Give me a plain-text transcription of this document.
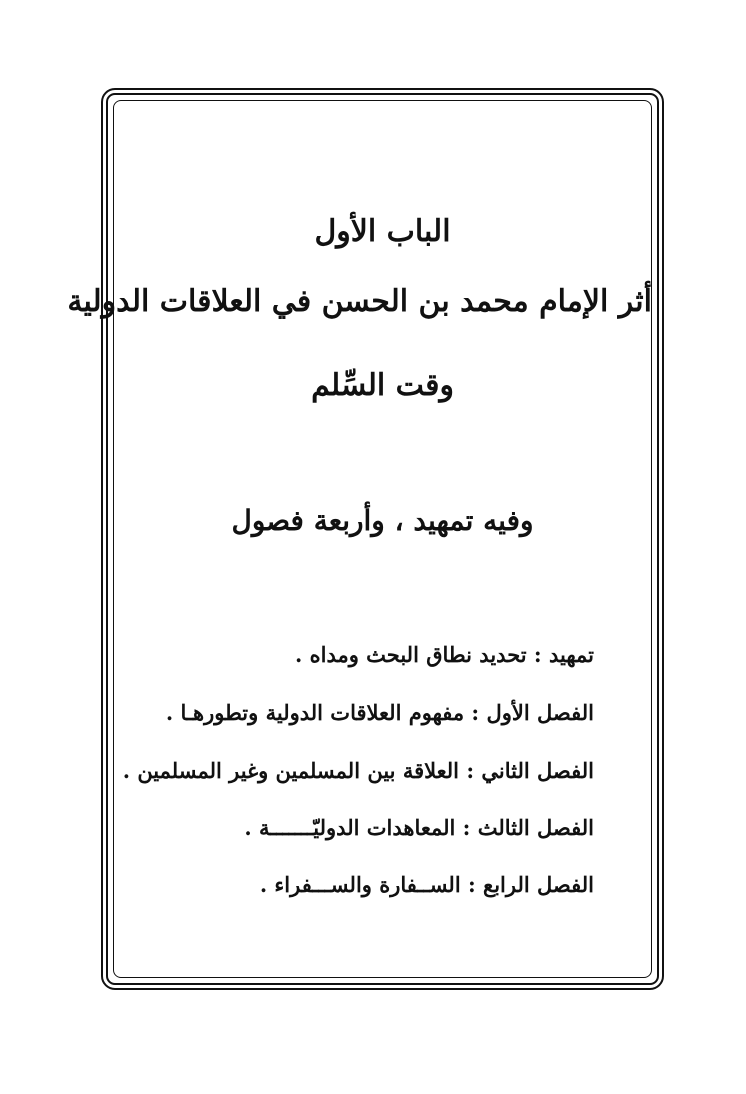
الباب الأول
أثر الإمام محمد بن الحسن في العلاقات الدولية
وقت السِّلم

وفيه تمهيد ، وأربعة فصول

تمهيد : تحديد نطاق البحث ومداه .

الفصل الأول : مفهوم العلاقات الدولية وتطورهـا .

الفصل الثاني : العلاقة بين المسلمين وغير المسلمين .

الفصل الثالث : المعاهدات الدوليّـــــــة .

الفصل الرابع : الســفارة والســـفراء .
